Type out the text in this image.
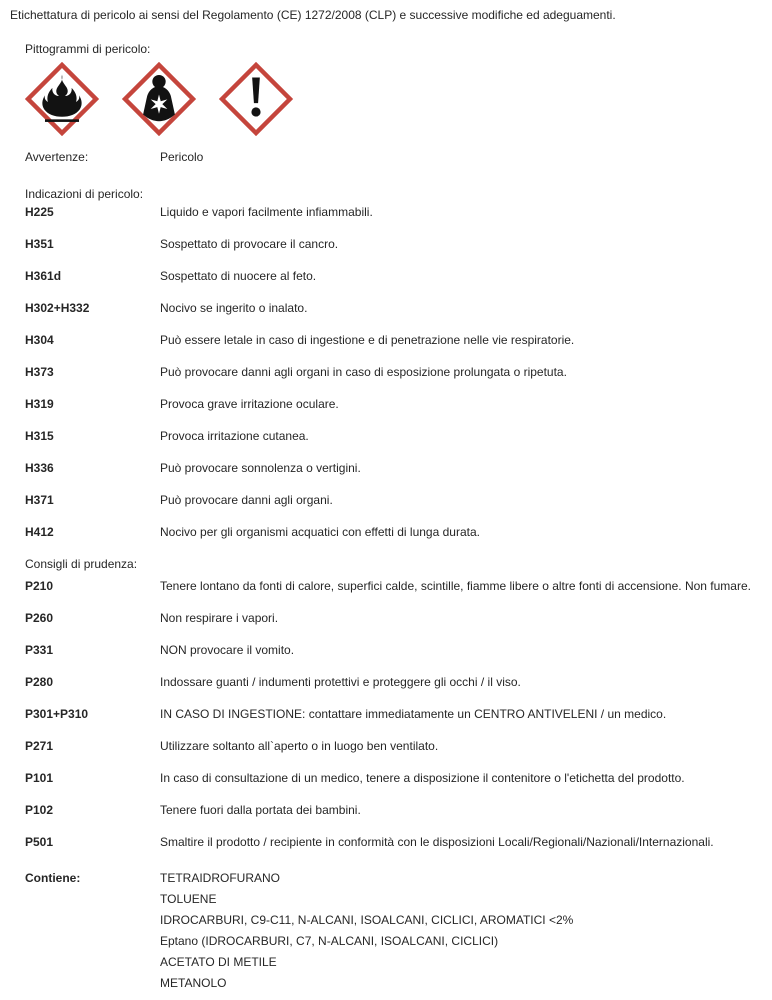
Etichettatura di pericolo ai sensi del Regolamento (CE) 1272/2008 (CLP) e successive modifiche ed adeguamenti.
Pittogrammi di pericolo:
Avvertenze:	Pericolo
Indicazioni di pericolo:
H225	Liquido e vapori facilmente infiammabili.
H351	Sospettato di provocare il cancro.
H361d	Sospettato di nuocere al feto.
H302+H332	Nocivo se ingerito o inalato.
H304	Può essere letale in caso di ingestione e di penetrazione nelle vie respiratorie.
H373	Può provocare danni agli organi in caso di esposizione prolungata o ripetuta.
H319	Provoca grave irritazione oculare.
H315	Provoca irritazione cutanea.
H336	Può provocare sonnolenza o vertigini.
H371	Può provocare danni agli organi.
H412	Nocivo per gli organismi acquatici con effetti di lunga durata.
Consigli di prudenza:
P210	Tenere lontano da fonti di calore, superfici calde, scintille, fiamme libere o altre fonti di accensione. Non fumare.
P260	Non respirare i vapori.
P331	NON provocare il vomito.
P280	Indossare guanti / indumenti protettivi e proteggere gli occhi / il viso.
P301+P310	IN CASO DI INGESTIONE: contattare immediatamente un CENTRO ANTIVELENI / un medico.
P271	Utilizzare soltanto all`aperto o in luogo ben ventilato.
P101	In caso di consultazione di un medico, tenere a disposizione il contenitore o l'etichetta del prodotto.
P102	Tenere fuori dalla portata dei bambini.
P501	Smaltire il prodotto / recipiente in conformità con le disposizioni Locali/Regionali/Nazionali/Internazionali.
Contiene:	TETRAIDROFURANO
TOLUENE
IDROCARBURI, C9-C11, N-ALCANI, ISOALCANI, CICLICI, AROMATICI <2%
Eptano (IDROCARBURI, C7, N-ALCANI, ISOALCANI, CICLICI)
ACETATO DI METILE
METANOLO
